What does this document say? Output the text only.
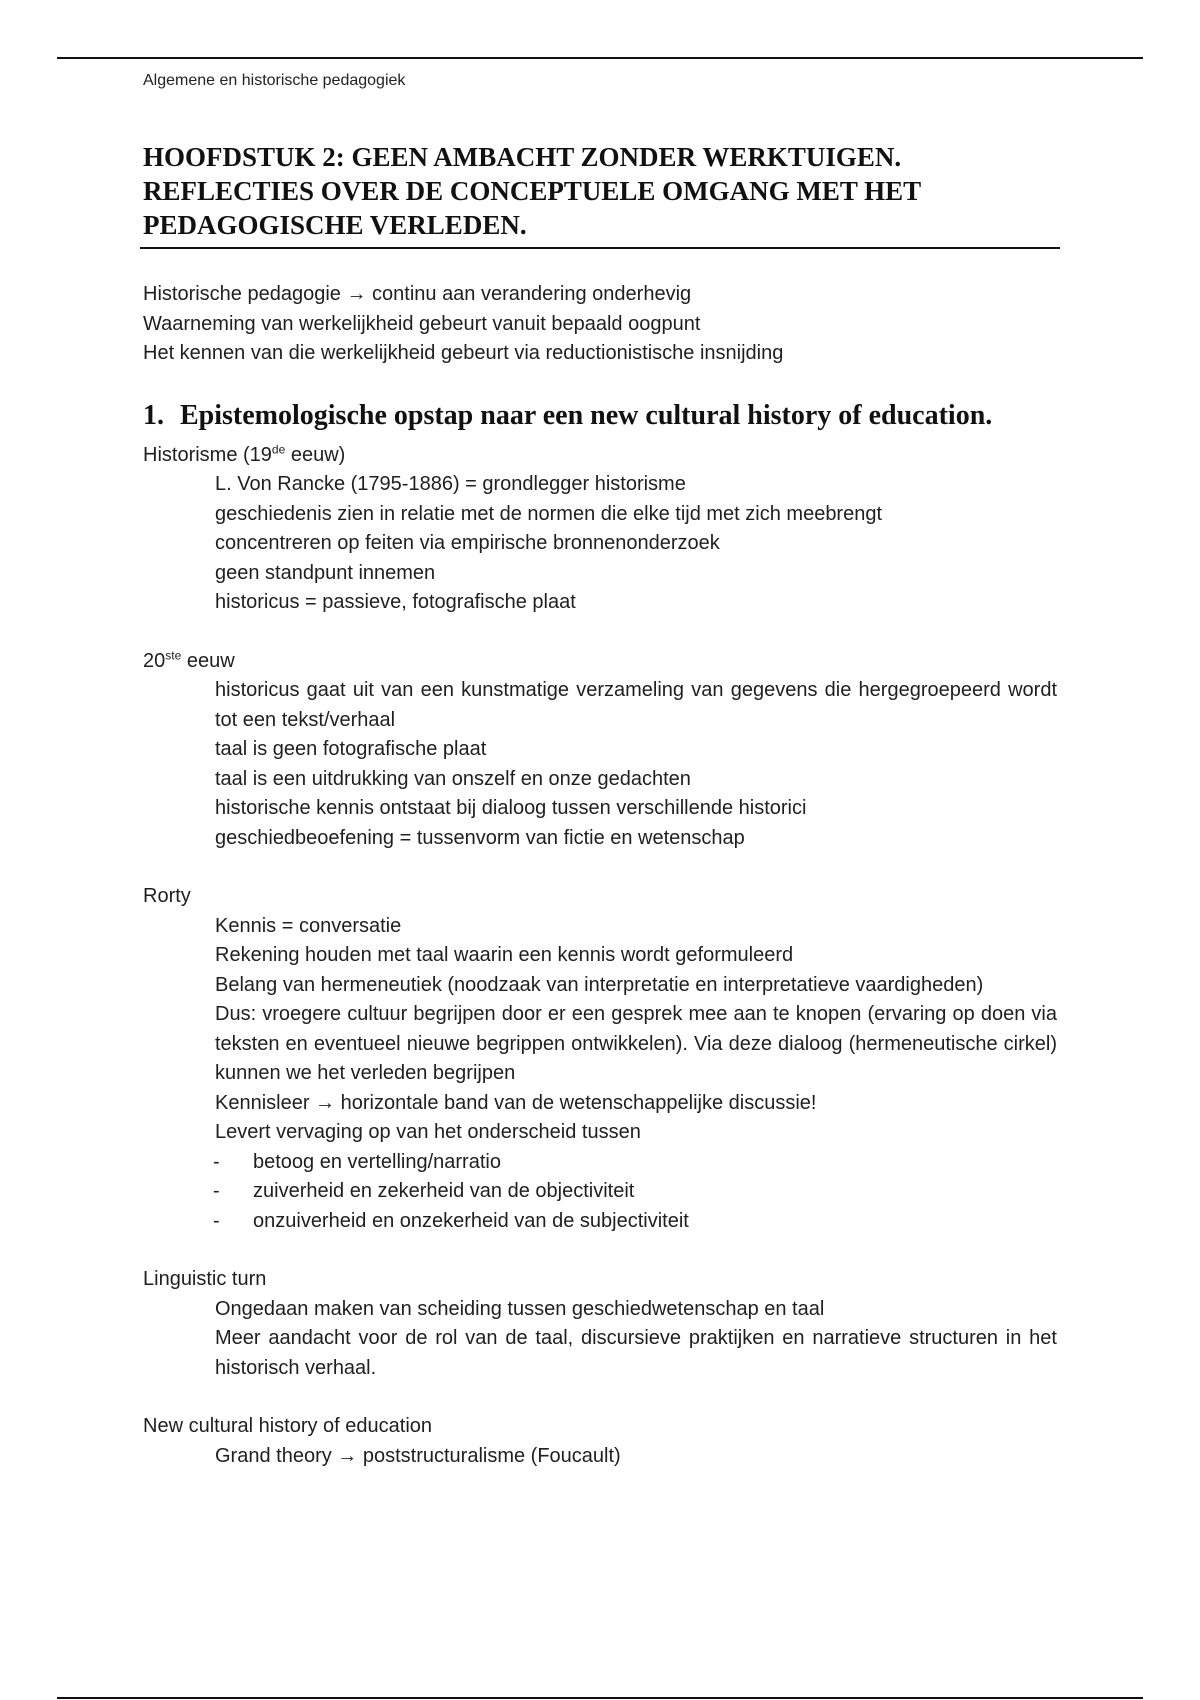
Algemene en historische pedagogiek
HOOFDSTUK 2: GEEN AMBACHT ZONDER WERKTUIGEN.
REFLECTIES OVER DE CONCEPTUELE OMGANG MET HET
PEDAGOGISCHE VERLEDEN.

Historische pedagogie → continu aan verandering onderhevig

Waarneming van werkelijkheid gebeurt vanuit bepaald oogpunt

Het kennen van die werkelijkheid gebeurt via reductionistische insnijding

1. Epistemologische opstap naar een new cultural history of education.

Historisme (19de eeuw)

L. Von Rancke (1795-1886) = grondlegger historisme

geschiedenis zien in relatie met de normen die elke tijd met zich meebrengt

concentreren op feiten via empirische bronnenonderzoek

geen standpunt innemen

historicus = passieve, fotografische plaat

20ste eeuw

historicus gaat uit van een kunstmatige verzameling van gegevens die hergegroepeerd wordt tot een tekst/verhaal

taal is geen fotografische plaat

taal is een uitdrukking van onszelf en onze gedachten

historische kennis ontstaat bij dialoog tussen verschillende historici

geschiedbeoefening = tussenvorm van fictie en wetenschap

Rorty

Kennis = conversatie

Rekening houden met taal waarin een kennis wordt geformuleerd

Belang van hermeneutiek (noodzaak van interpretatie en interpretatieve vaardigheden)

Dus: vroegere cultuur begrijpen door er een gesprek mee aan te knopen (ervaring op doen via teksten en eventueel nieuwe begrippen ontwikkelen). Via deze dialoog (hermeneutische cirkel) kunnen we het verleden begrijpen

Kennisleer → horizontale band van de wetenschappelijke discussie!

Levert vervaging op van het onderscheid tussen

- betoog en vertelling/narratio
- zuiverheid en zekerheid van de objectiviteit
- onzuiverheid en onzekerheid van de subjectiviteit

Linguistic turn

Ongedaan maken van scheiding tussen geschiedwetenschap en taal

Meer aandacht voor de rol van de taal, discursieve praktijken en narratieve structuren in het historisch verhaal.

New cultural history of education

Grand theory → poststructuralisme (Foucault)
